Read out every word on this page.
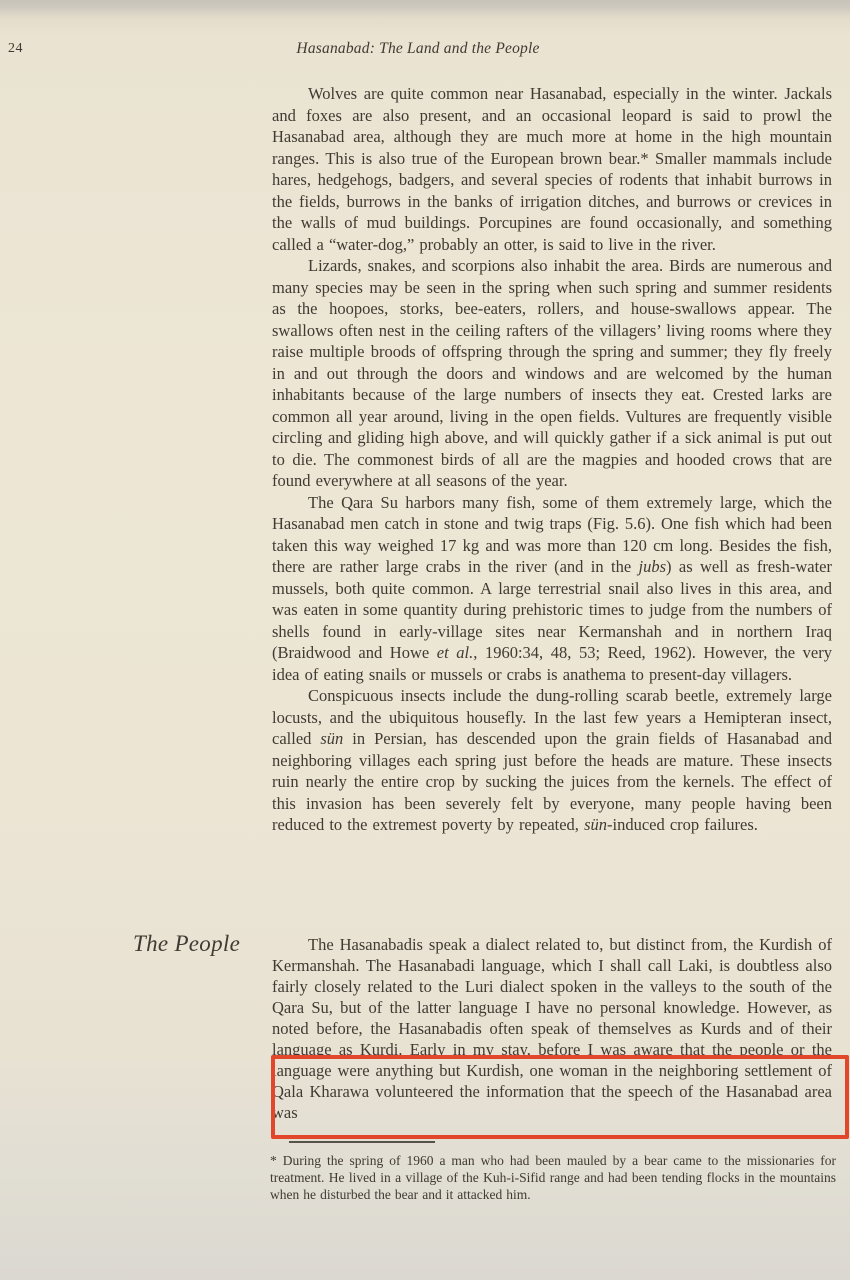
24	Hasanabad: The Land and the People

Wolves are quite common near Hasanabad, especially in the winter. Jackals and foxes are also present, and an occasional leopard is said to prowl the Hasanabad area, although they are much more at home in the high mountain ranges. This is also true of the European brown bear.* Smaller mammals include hares, hedgehogs, badgers, and several species of rodents that inhabit burrows in the fields, burrows in the banks of irrigation ditches, and burrows or crevices in the walls of mud buildings. Porcupines are found occasionally, and something called a “water-dog,” probably an otter, is said to live in the river.

Lizards, snakes, and scorpions also inhabit the area. Birds are numerous and many species may be seen in the spring when such spring and summer residents as the hoopoes, storks, bee-eaters, rollers, and house-swallows appear. The swallows often nest in the ceiling rafters of the villagers’ living rooms where they raise multiple broods of offspring through the spring and summer; they fly freely in and out through the doors and windows and are welcomed by the human inhabitants because of the large numbers of insects they eat. Crested larks are common all year around, living in the open fields. Vultures are frequently visible circling and gliding high above, and will quickly gather if a sick animal is put out to die. The commonest birds of all are the magpies and hooded crows that are found everywhere at all seasons of the year.

The Qara Su harbors many fish, some of them extremely large, which the Hasanabad men catch in stone and twig traps (Fig. 5.6). One fish which had been taken this way weighed 17 kg and was more than 120 cm long. Besides the fish, there are rather large crabs in the river (and in the jubs) as well as fresh-water mussels, both quite common. A large terrestrial snail also lives in this area, and was eaten in some quantity during prehistoric times to judge from the numbers of shells found in early-village sites near Kermanshah and in northern Iraq (Braidwood and Howe et al., 1960:34, 48, 53; Reed, 1962). However, the very idea of eating snails or mussels or crabs is anathema to present-day villagers.

Conspicuous insects include the dung-rolling scarab beetle, extremely large locusts, and the ubiquitous housefly. In the last few years a Hemipteran insect, called sün in Persian, has descended upon the grain fields of Hasanabad and neighboring villages each spring just before the heads are mature. These insects ruin nearly the entire crop by sucking the juices from the kernels. The effect of this invasion has been severely felt by everyone, many people having been reduced to the extremest poverty by repeated, sün-induced crop failures.

The People	The Hasanabadis speak a dialect related to, but distinct from, the Kurdish of Kermanshah. The Hasanabadi language, which I shall call Laki, is doubtless also fairly closely related to the Luri dialect spoken in the valleys to the south of the Qara Su, but of the latter language I have no personal knowledge. However, as noted before, the Hasanabadis often speak of themselves as Kurds and of their language as Kurdi. Early in my stay, before I was aware that the people or the language were anything but Kurdish, one woman in the neighboring settlement of Qala Kharawa volunteered the information that the speech of the Hasanabad area was

* During the spring of 1960 a man who had been mauled by a bear came to the missionaries for treatment. He lived in a village of the Kuh-i-Sifid range and had been tending flocks in the mountains when he disturbed the bear and it attacked him.
